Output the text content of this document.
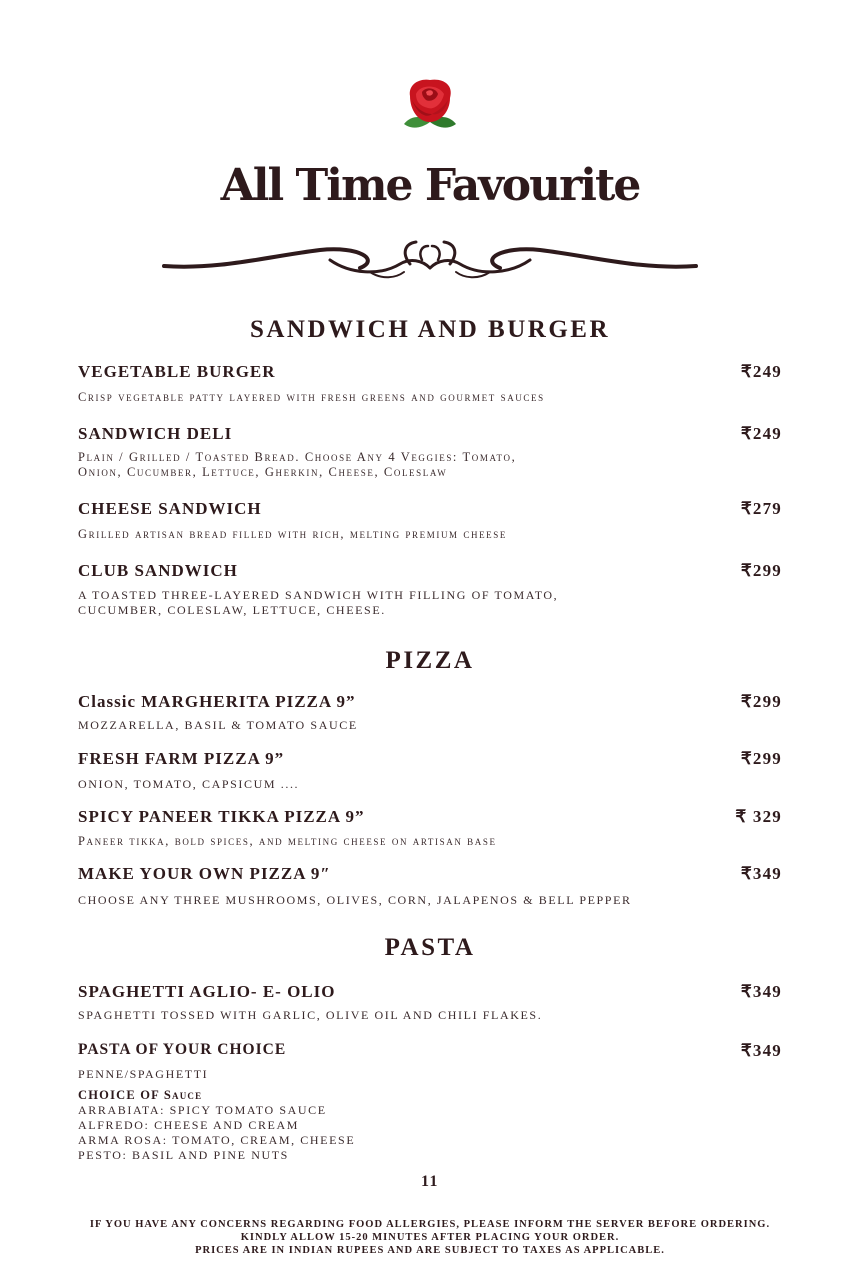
All Time Favourite
SANDWICH AND BURGER
VEGETABLE BURGER	₹249
Crisp vegetable patty layered with fresh greens and gourmet sauces
SANDWICH DELI	₹249
Plain / Grilled / Toasted Bread. Choose Any 4 Veggies: Tomato,
Onion, Cucumber, Lettuce, Gherkin, Cheese, Coleslaw
CHEESE SANDWICH	₹279
Grilled artisan bread filled with rich, melting premium cheese
CLUB SANDWICH	₹299
A TOASTED THREE-LAYERED SANDWICH WITH FILLING OF TOMATO,
CUCUMBER, COLESLAW, LETTUCE, CHEESE.
PIZZA
Classic MARGHERITA PIZZA 9”	₹299
MOZZARELLA, BASIL & TOMATO SAUCE
FRESH FARM PIZZA 9”	₹299
ONION, TOMATO, CAPSICUM ....
SPICY PANEER TIKKA PIZZA 9”	₹ 329
Paneer tikka, bold spices, and melting cheese on artisan base
MAKE YOUR OWN PIZZA 9″	₹349
CHOOSE ANY THREE MUSHROOMS, OLIVES, CORN, JALAPENOS & BELL PEPPER
PASTA
SPAGHETTI AGLIO- E- OLIO	₹349
SPAGHETTI TOSSED WITH GARLIC, OLIVE OIL AND CHILI FLAKES.
PASTA OF YOUR CHOICE	₹349
PENNE/SPAGHETTI
CHOICE OF Sauce
ARRABIATA: SPICY TOMATO SAUCE
ALFREDO: CHEESE AND CREAM
ARMA ROSA: TOMATO, CREAM, CHEESE
PESTO: BASIL AND PINE NUTS
11
IF YOU HAVE ANY CONCERNS REGARDING FOOD ALLERGIES, PLEASE INFORM THE SERVER BEFORE ORDERING.
KINDLY ALLOW 15-20 MINUTES AFTER PLACING YOUR ORDER.
PRICES ARE IN INDIAN RUPEES AND ARE SUBJECT TO TAXES AS APPLICABLE.
